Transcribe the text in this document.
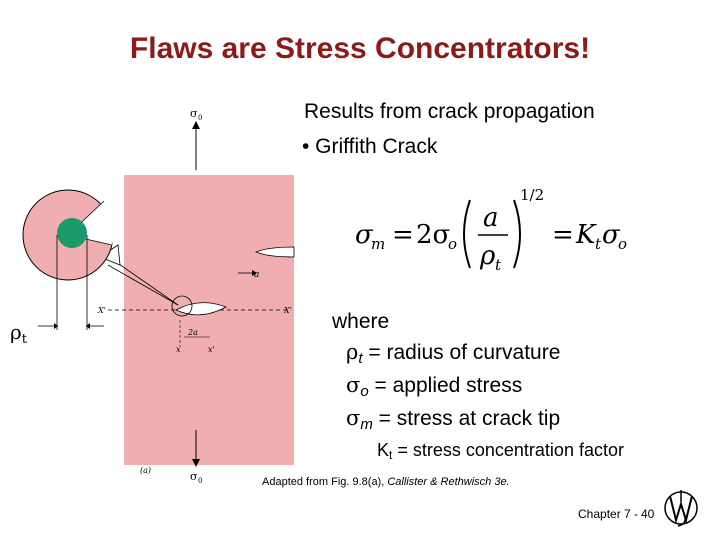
Flaws are Stress Concentrators!
Results from crack propagation
• Griffith Crack
σ
m = 2σ
o
a
ρ t
1/2
= K t σ
o
where
ρt = radius of curvature
σo = applied stress
σm = stress at crack tip
Kt = stress concentration factor
Adapted from Fig. 9.8(a), Callister & Rethwisch 3e.
Chapter 7 - 40
σ 0
σ 0
a
X'	X'
2a
x	x'
(a)
$\rho_t$
